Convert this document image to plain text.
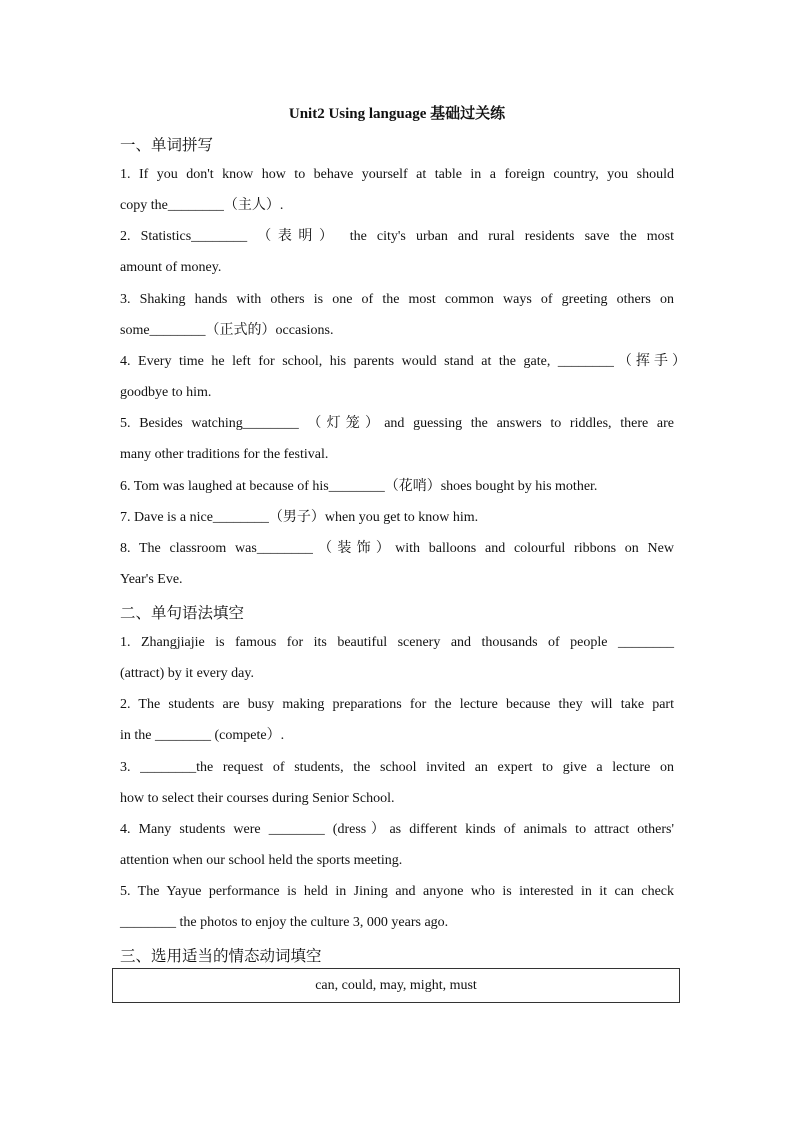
Unit2 Using language 基础过关练
一、单词拼写

1. If you don't know how to behave yourself at table in a foreign country, you should

copy the________（主人）.

2. Statistics________ （表明） the city's urban and rural residents save the most

amount of money.

3. Shaking hands with others is one of the most common ways of greeting others on

some________（正式的）occasions.

4. Every time he left for school, his parents would stand at the gate, ________（挥手）

goodbye to him.

5. Besides watching________ （灯笼）and guessing the answers to riddles, there are

many other traditions for the festival.

6. Tom was laughed at because of his________（花哨）shoes bought by his mother.

7. Dave is a nice________（男子）when you get to know him.

8. The classroom was________（装饰）with balloons and colourful ribbons on New

Year's Eve.

二、单句语法填空

1. Zhangjiajie is famous for its beautiful scenery and thousands of people ________

(attract) by it every day.

2. The students are busy making preparations for the lecture because they will take part

in the ________ (compete）.

3. ________the request of students, the school invited an expert to give a lecture on

how to select their courses during Senior School.

4. Many students were ________ (dress）as different kinds of animals to attract others'

attention when our school held the sports meeting.

5. The Yayue performance is held in Jining and anyone who is interested in it can check

________ the photos to enjoy the culture 3, 000 years ago.

三、选用适当的情态动词填空
can, could, may, might, must
